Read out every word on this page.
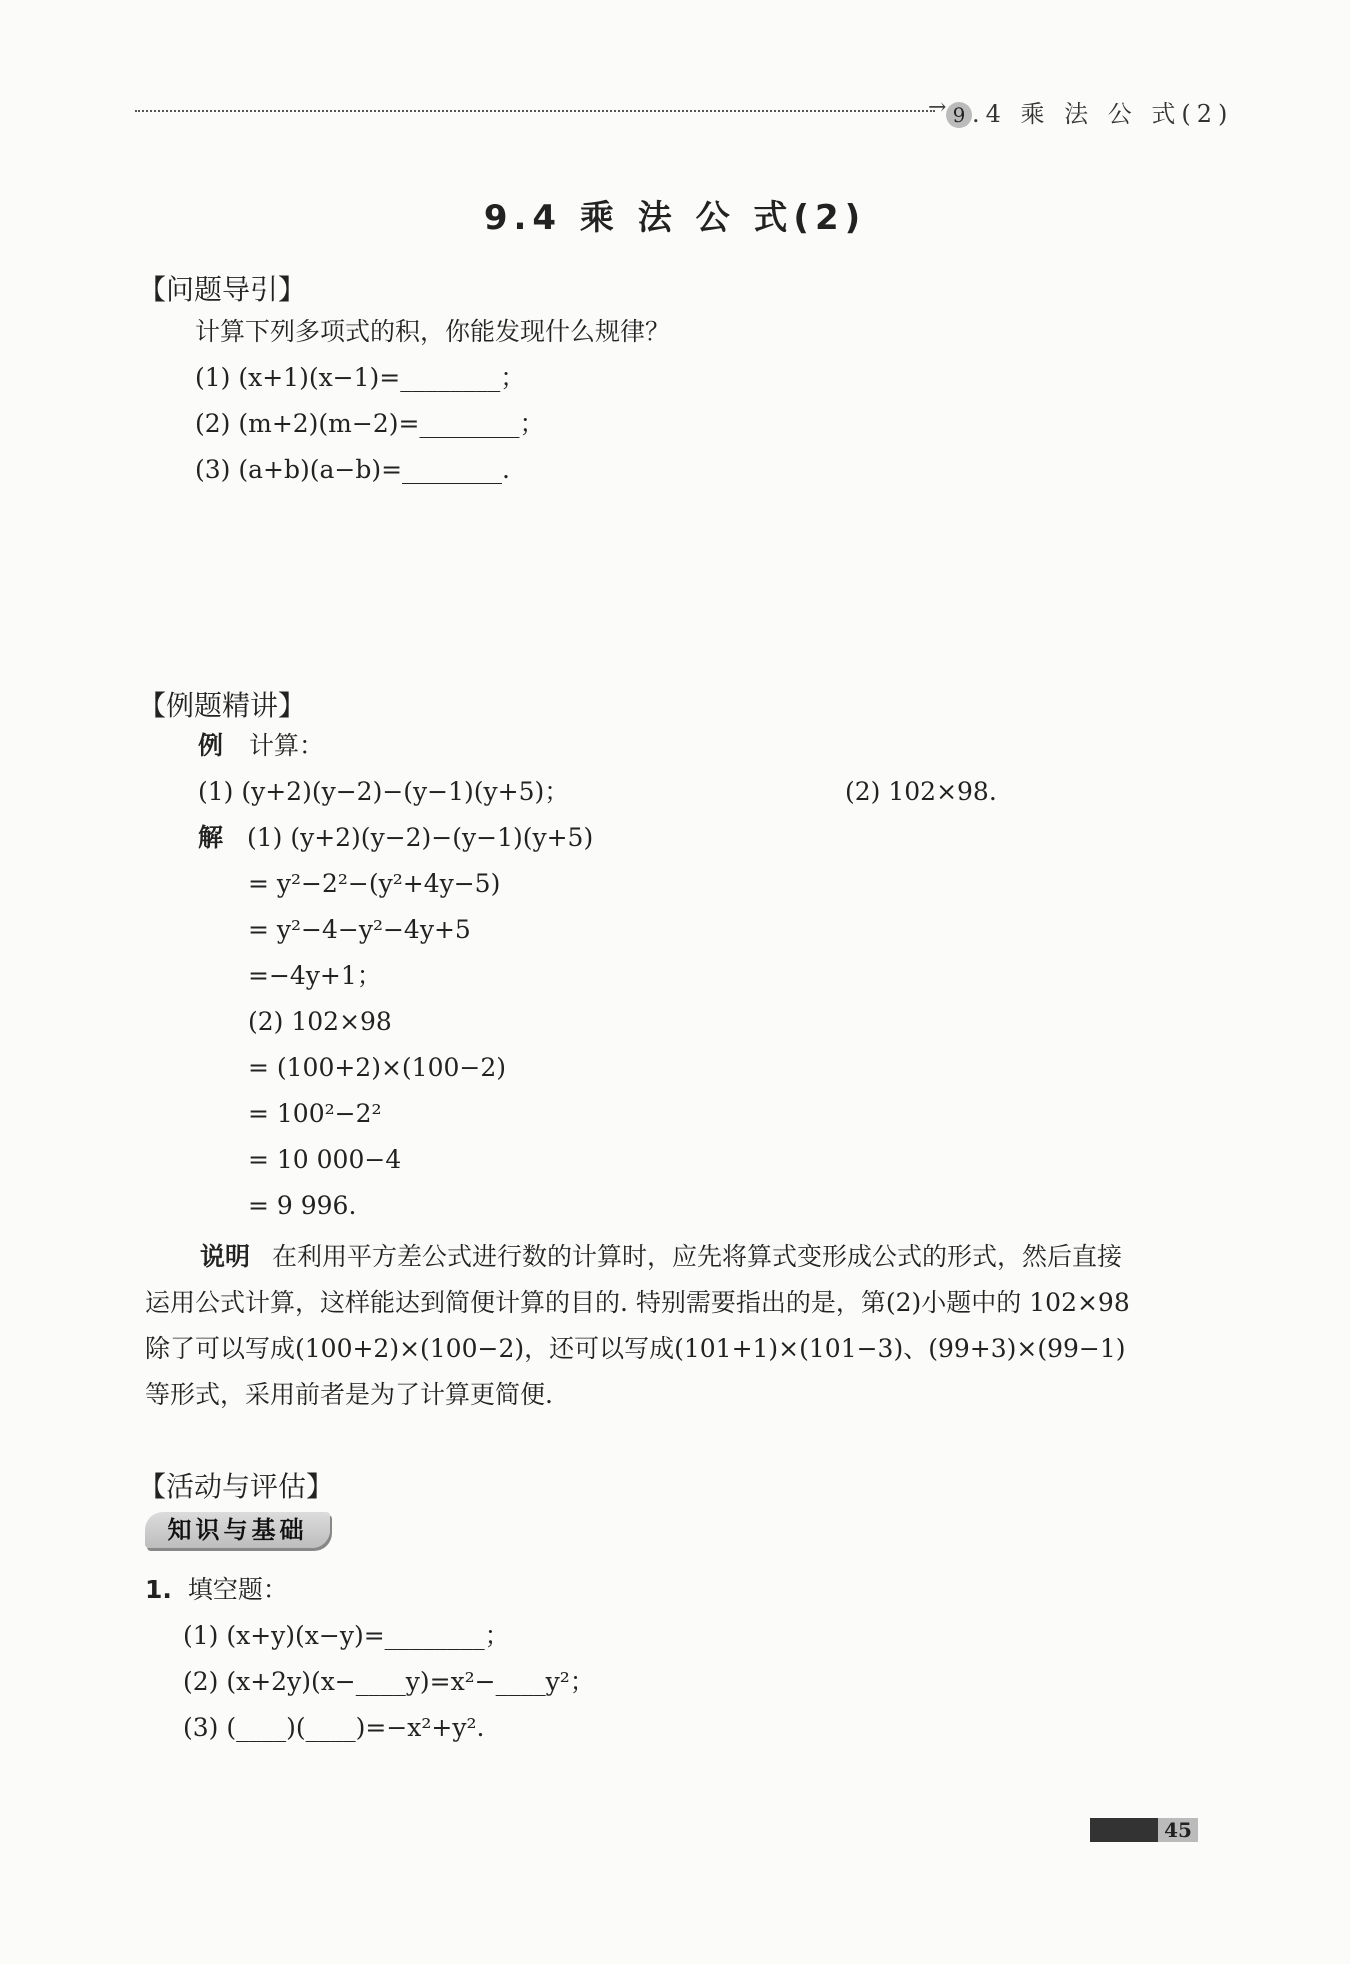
→ 9 .4 乘 法 公 式(2)
9.4 乘 法 公 式(2)
【问题导引】
计算下列多项式的积，你能发现什么规律？
(1) (x+1)(x−1)=________；
(2) (m+2)(m−2)=________；
(3) (a+b)(a−b)=________.
【例题精讲】
例 计算：
(1) (y+2)(y−2)−(y−1)(y+5)；	(2) 102×98.
解 (1) (y+2)(y−2)−(y−1)(y+5)
= y²−2²−(y²+4y−5)
= y²−4−y²−4y+5
=−4y+1；
(2) 102×98
= (100+2)×(100−2)
= 100²−2²
= 10 000−4
= 9 996.
说明 在利用平方差公式进行数的计算时，应先将算式变形成公式的形式，然后直接
运用公式计算，这样能达到简便计算的目的. 特别需要指出的是，第(2)小题中的 102×98
除了可以写成(100+2)×(100−2)，还可以写成(101+1)×(101−3)、(99+3)×(99−1)
等形式，采用前者是为了计算更简便.
【活动与评估】
知识与基础
1. 填空题：
(1) (x+y)(x−y)=________；
(2) (x+2y)(x−____y)=x²−____y²；
(3) (____)(____)=−x²+y².
45
